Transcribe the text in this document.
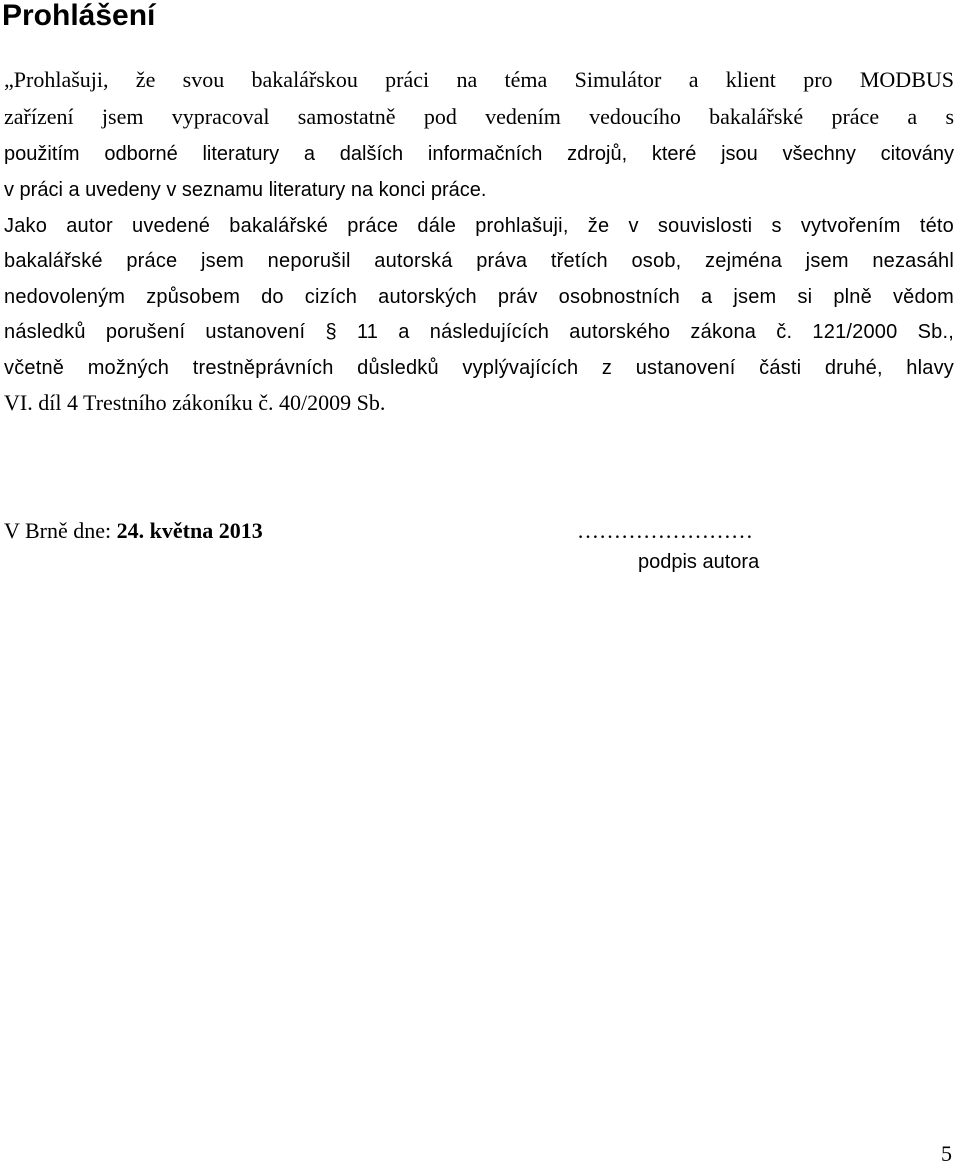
Prohlášení
„Prohlašuji, že svou bakalářskou práci na téma Simulátor a klient pro MODBUS
zařízení jsem vypracoval samostatně pod vedením vedoucího bakalářské práce a s
použitím odborné literatury a dalších informačních zdrojů, které jsou všechny citovány
v práci a uvedeny v seznamu literatury na konci práce.
Jako autor uvedené bakalářské práce dále prohlašuji, že v souvislosti s vytvořením této
bakalářské práce jsem neporušil autorská práva třetích osob, zejména jsem nezasáhl
nedovoleným způsobem do cizích autorských práv osobnostních a jsem si plně vědom
následků porušení ustanovení § 11 a následujících autorského zákona č. 121/2000 Sb.,
včetně možných trestněprávních důsledků vyplývajících z ustanovení části druhé, hlavy
VI. díl 4 Trestního zákoníku č. 40/2009 Sb.
V Brně dne: 24. května 2013	……………………
podpis autora
5
